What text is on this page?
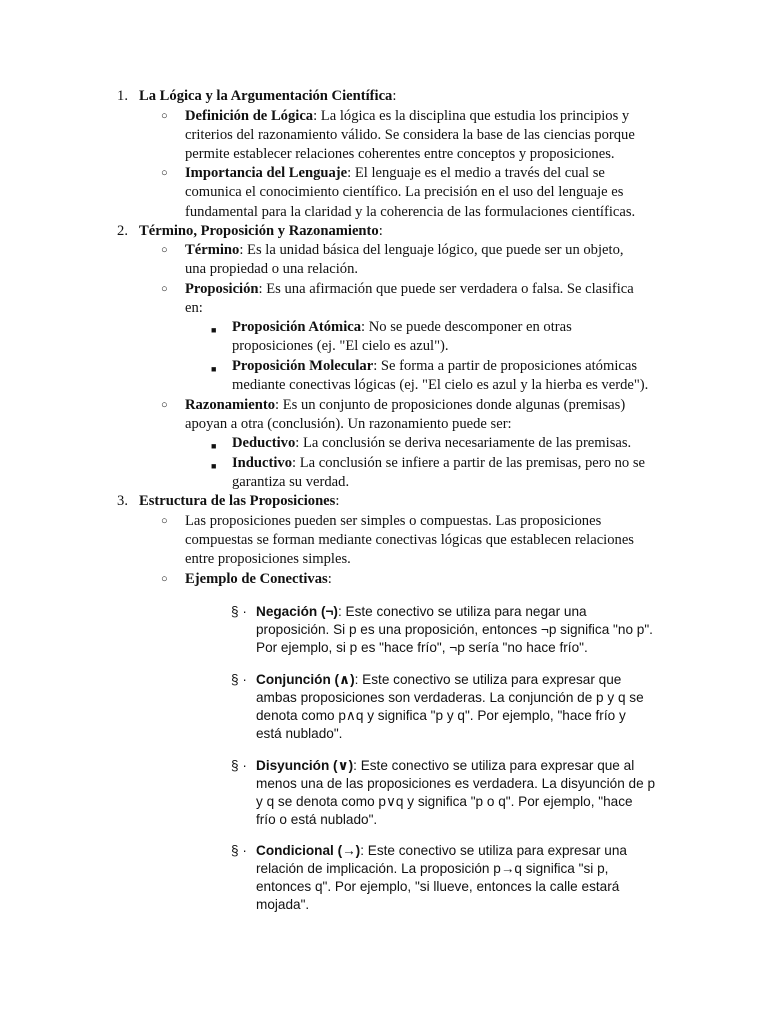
1. La Lógica y la Argumentación Científica:
○ Definición de Lógica: La lógica es la disciplina que estudia los principios y
criterios del razonamiento válido. Se considera la base de las ciencias porque
permite establecer relaciones coherentes entre conceptos y proposiciones.
○ Importancia del Lenguaje: El lenguaje es el medio a través del cual se
comunica el conocimiento científico. La precisión en el uso del lenguaje es
fundamental para la claridad y la coherencia de las formulaciones científicas.
2. Término, Proposición y Razonamiento:
○ Término: Es la unidad básica del lenguaje lógico, que puede ser un objeto,
una propiedad o una relación.
○ Proposición: Es una afirmación que puede ser verdadera o falsa. Se clasifica
en:
■ Proposición Atómica: No se puede descomponer en otras
proposiciones (ej. "El cielo es azul").
■ Proposición Molecular: Se forma a partir de proposiciones atómicas
mediante conectivas lógicas (ej. "El cielo es azul y la hierba es verde").
○ Razonamiento: Es un conjunto de proposiciones donde algunas (premisas)
apoyan a otra (conclusión). Un razonamiento puede ser:
■ Deductivo: La conclusión se deriva necesariamente de las premisas.
■ Inductivo: La conclusión se infiere a partir de las premisas, pero no se
garantiza su verdad.
3. Estructura de las Proposiciones:
○ Las proposiciones pueden ser simples o compuestas. Las proposiciones
compuestas se forman mediante conectivas lógicas que establecen relaciones
entre proposiciones simples.
○ Ejemplo de Conectivas:
§ · Negación (¬): Este conectivo se utiliza para negar una
proposición. Si p es una proposición, entonces ¬p significa "no p".
Por ejemplo, si p es "hace frío", ¬p sería "no hace frío".
§ · Conjunción (∧): Este conectivo se utiliza para expresar que
ambas proposiciones son verdaderas. La conjunción de p y q se
denota como p∧q y significa "p y q". Por ejemplo, "hace frío y
está nublado".
§ · Disyunción (∨): Este conectivo se utiliza para expresar que al
menos una de las proposiciones es verdadera. La disyunción de p
y q se denota como p∨q y significa "p o q". Por ejemplo, "hace
frío o está nublado".
§ · Condicional (→): Este conectivo se utiliza para expresar una
relación de implicación. La proposición p→q significa "si p,
entonces q". Por ejemplo, "si llueve, entonces la calle estará
mojada".
